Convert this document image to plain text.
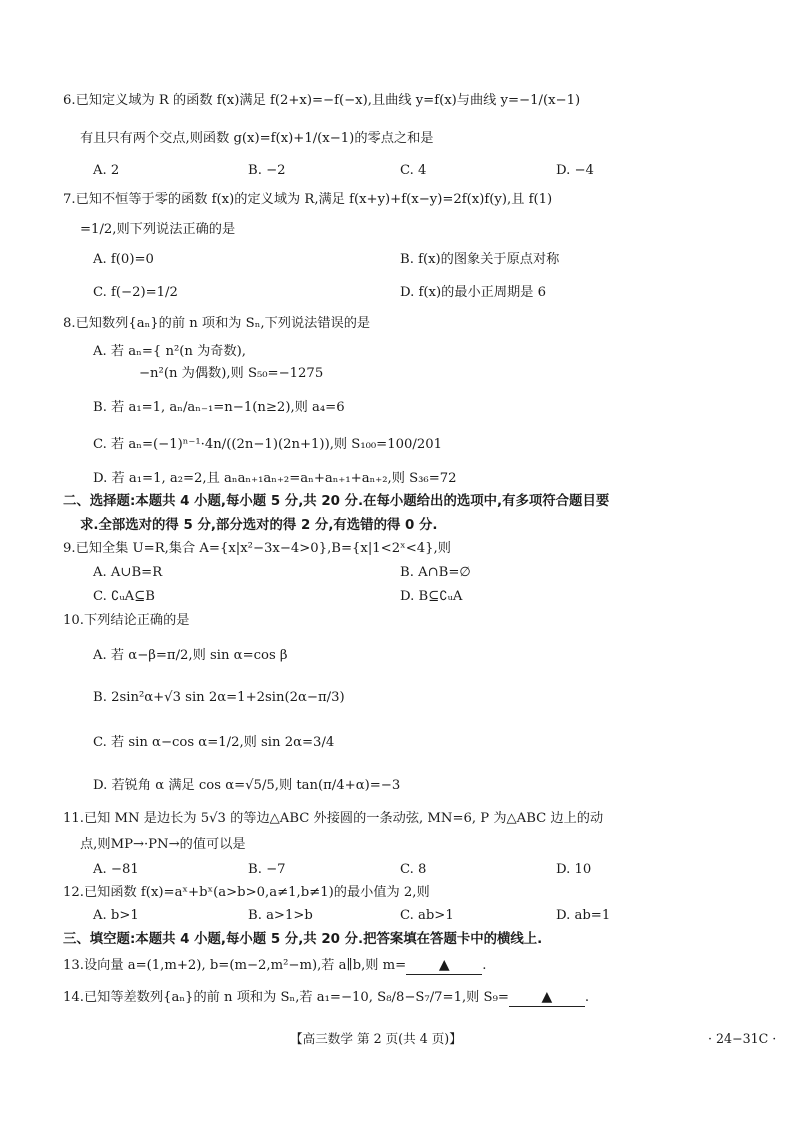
6.已知定义域为 R 的函数 f(x)满足 f(2+x)=−f(−x),且曲线 y=f(x)与曲线 y=−1/(x−1)
有且只有两个交点,则函数 g(x)=f(x)+1/(x−1)的零点之和是
A. 2	B. −2	C. 4	D. −4
7.已知不恒等于零的函数 f(x)的定义域为 R,满足 f(x+y)+f(x−y)=2f(x)f(y),且 f(1)
=1/2,则下列说法正确的是
A. f(0)=0	B. f(x)的图象关于原点对称
C. f(−2)=1/2	D. f(x)的最小正周期是 6
8.已知数列{aₙ}的前 n 项和为 Sₙ,下列说法错误的是
A. 若 aₙ={ n²(n 为奇数),
−n²(n 为偶数),则 S₅₀=−1275
B. 若 a₁=1, aₙ/aₙ₋₁=n−1(n≥2),则 a₄=6
C. 若 aₙ=(−1)ⁿ⁻¹·4n/((2n−1)(2n+1)),则 S₁₀₀=100/201
D. 若 a₁=1, a₂=2,且 aₙaₙ₊₁aₙ₊₂=aₙ+aₙ₊₁+aₙ₊₂,则 S₃₆=72
二、选择题:本题共 4 小题,每小题 5 分,共 20 分.在每小题给出的选项中,有多项符合题目要
求.全部选对的得 5 分,部分选对的得 2 分,有选错的得 0 分.
9.已知全集 U=R,集合 A={x|x²−3x−4>0},B={x|1<2ˣ<4},则
A. A∪B=R	B. A∩B=∅
C. ∁ᵤA⊆B	D. B⊆∁ᵤA
10.下列结论正确的是
A. 若 α−β=π/2,则 sin α=cos β
B. 2sin²α+√3 sin 2α=1+2sin(2α−π/3)
C. 若 sin α−cos α=1/2,则 sin 2α=3/4
D. 若锐角 α 满足 cos α=√5/5,则 tan(π/4+α)=−3
11.已知 MN 是边长为 5√3 的等边△ABC 外接圆的一条动弦, MN=6, P 为△ABC 边上的动
点,则MP→·PN→的值可以是
A. −81	B. −7	C. 8	D. 10
12.已知函数 f(x)=aˣ+bˣ(a>b>0,a≠1,b≠1)的最小值为 2,则
A. b>1	B. a>1>b	C. ab>1	D. ab=1
三、填空题:本题共 4 小题,每小题 5 分,共 20 分.把答案填在答题卡中的横线上.
13.设向量 a=(1,m+2), b=(m−2,m²−m),若 a∥b,则 m= ▲ .
14.已知等差数列{aₙ}的前 n 项和为 Sₙ,若 a₁=−10, S₈/8−S₇/7=1,则 S₉= ▲ .
【高三数学 第 2 页(共 4 页)】	· 24−31C ·
